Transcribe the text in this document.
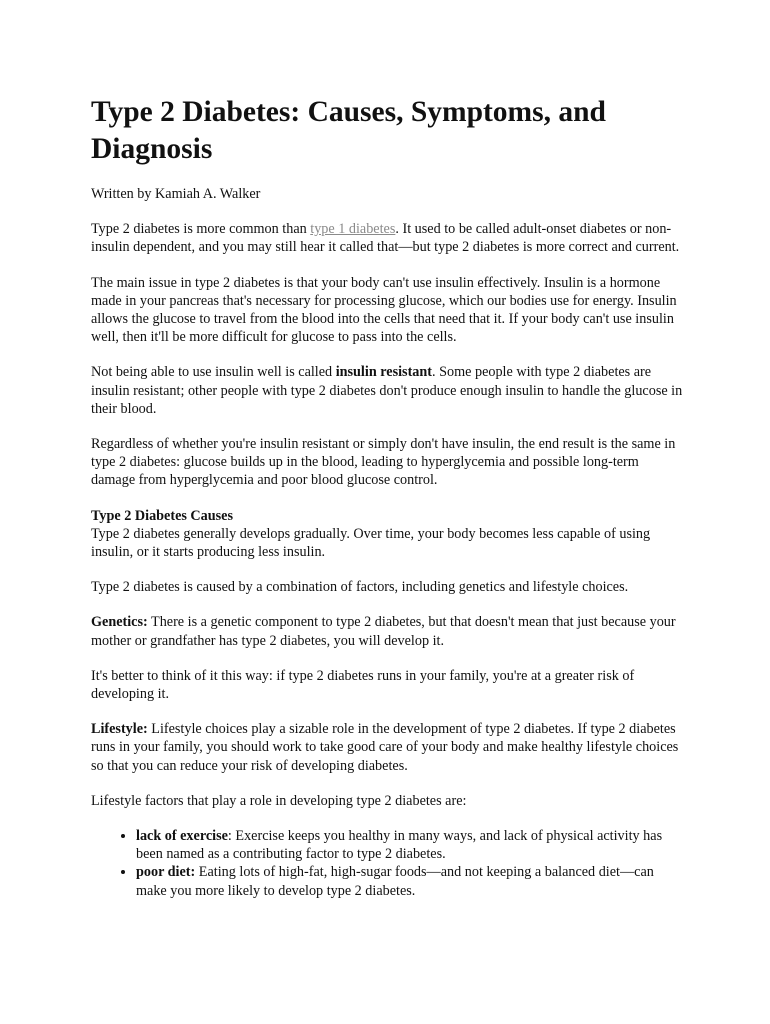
Type 2 Diabetes: Causes, Symptoms, and Diagnosis

Written by Kamiah A. Walker

Type 2 diabetes is more common than type 1 diabetes. It used to be called adult-onset diabetes or non-insulin dependent, and you may still hear it called that—but type 2 diabetes is more correct and current.

The main issue in type 2 diabetes is that your body can't use insulin effectively. Insulin is a hormone made in your pancreas that's necessary for processing glucose, which our bodies use for energy. Insulin allows the glucose to travel from the blood into the cells that need that it. If your body can't use insulin well, then it'll be more difficult for glucose to pass into the cells.

Not being able to use insulin well is called insulin resistant. Some people with type 2 diabetes are insulin resistant; other people with type 2 diabetes don't produce enough insulin to handle the glucose in their blood.

Regardless of whether you're insulin resistant or simply don't have insulin, the end result is the same in type 2 diabetes: glucose builds up in the blood, leading to hyperglycemia and possible long-term damage from hyperglycemia and poor blood glucose control.

Type 2 Diabetes Causes
Type 2 diabetes generally develops gradually. Over time, your body becomes less capable of using insulin, or it starts producing less insulin.

Type 2 diabetes is caused by a combination of factors, including genetics and lifestyle choices.

Genetics: There is a genetic component to type 2 diabetes, but that doesn't mean that just because your mother or grandfather has type 2 diabetes, you will develop it.

It's better to think of it this way: if type 2 diabetes runs in your family, you're at a greater risk of developing it.

Lifestyle: Lifestyle choices play a sizable role in the development of type 2 diabetes. If type 2 diabetes runs in your family, you should work to take good care of your body and make healthy lifestyle choices so that you can reduce your risk of developing diabetes.

Lifestyle factors that play a role in developing type 2 diabetes are:

• lack of exercise: Exercise keeps you healthy in many ways, and lack of physical activity has been named as a contributing factor to type 2 diabetes.
• poor diet: Eating lots of high-fat, high-sugar foods—and not keeping a balanced diet—can make you more likely to develop type 2 diabetes.
